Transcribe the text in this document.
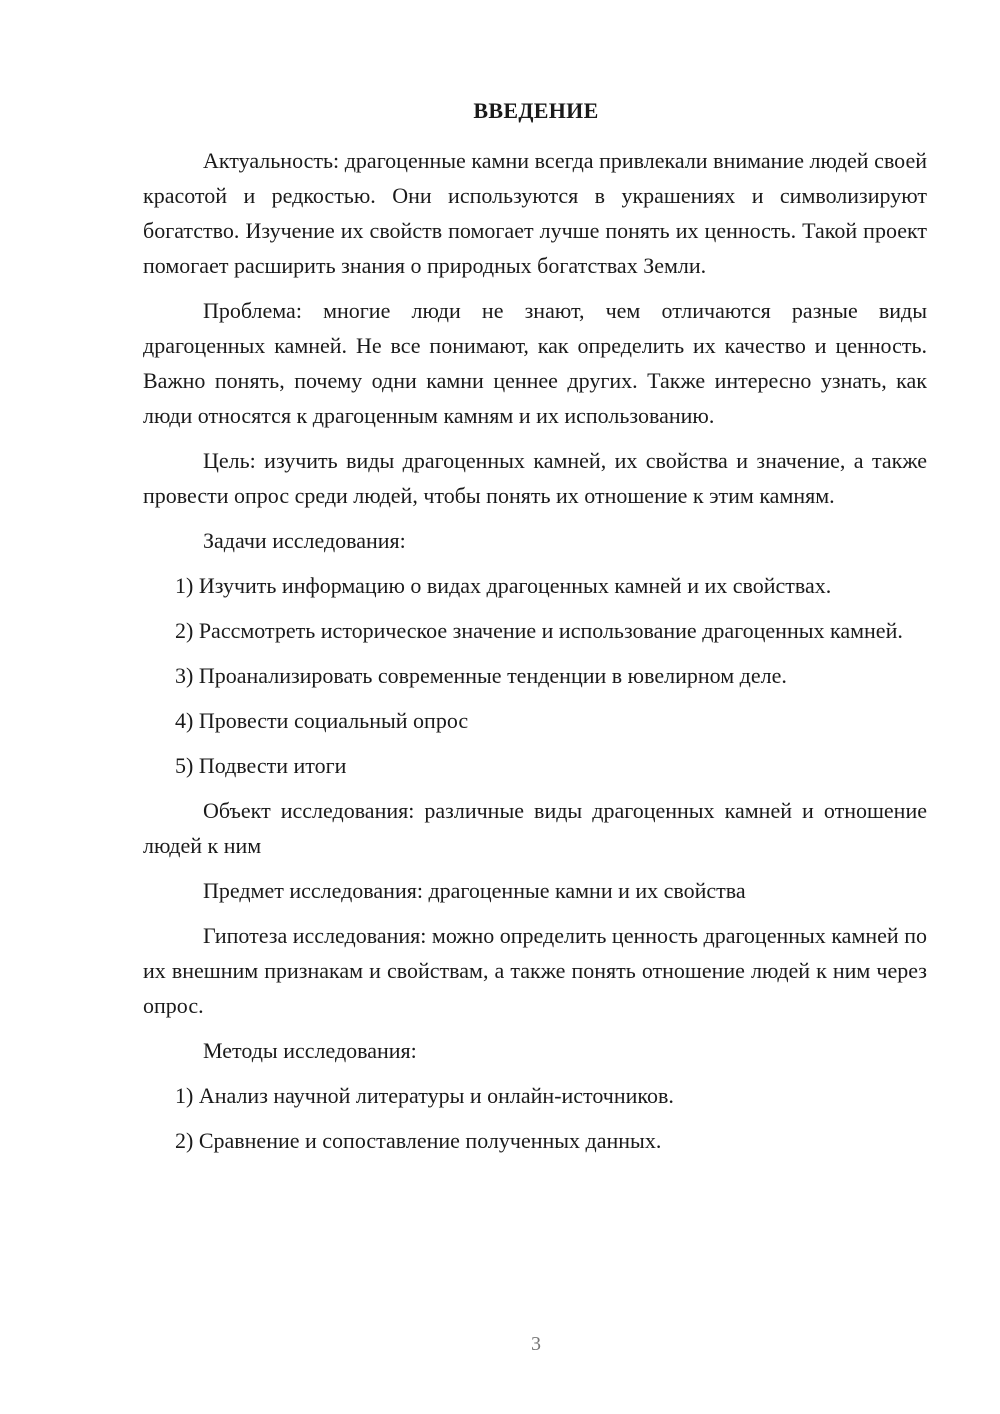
ВВЕДЕНИЕ

Актуальность: драгоценные камни всегда привлекали внимание людей своей красотой и редкостью. Они используются в украшениях и символизируют богатство. Изучение их свойств помогает лучше понять их ценность. Такой проект помогает расширить знания о природных богатствах Земли.

Проблема: многие люди не знают, чем отличаются разные виды драгоценных камней. Не все понимают, как определить их качество и ценность. Важно понять, почему одни камни ценнее других. Также интересно узнать, как люди относятся к драгоценным камням и их использованию.

Цель: изучить виды драгоценных камней, их свойства и значение, а также провести опрос среди людей, чтобы понять их отношение к этим камням.

Задачи исследования:

1) Изучить информацию о видах драгоценных камней и их свойствах.

2) Рассмотреть историческое значение и использование драгоценных камней.

3) Проанализировать современные тенденции в ювелирном деле.

4) Провести социальный опрос

5) Подвести итоги

Объект исследования: различные виды драгоценных камней и отношение людей к ним

Предмет исследования: драгоценные камни и их свойства

Гипотеза исследования: можно определить ценность драгоценных камней по их внешним признакам и свойствам, а также понять отношение людей к ним через опрос.

Методы исследования:

1) Анализ научной литературы и онлайн-источников.

2) Сравнение и сопоставление полученных данных.

3
